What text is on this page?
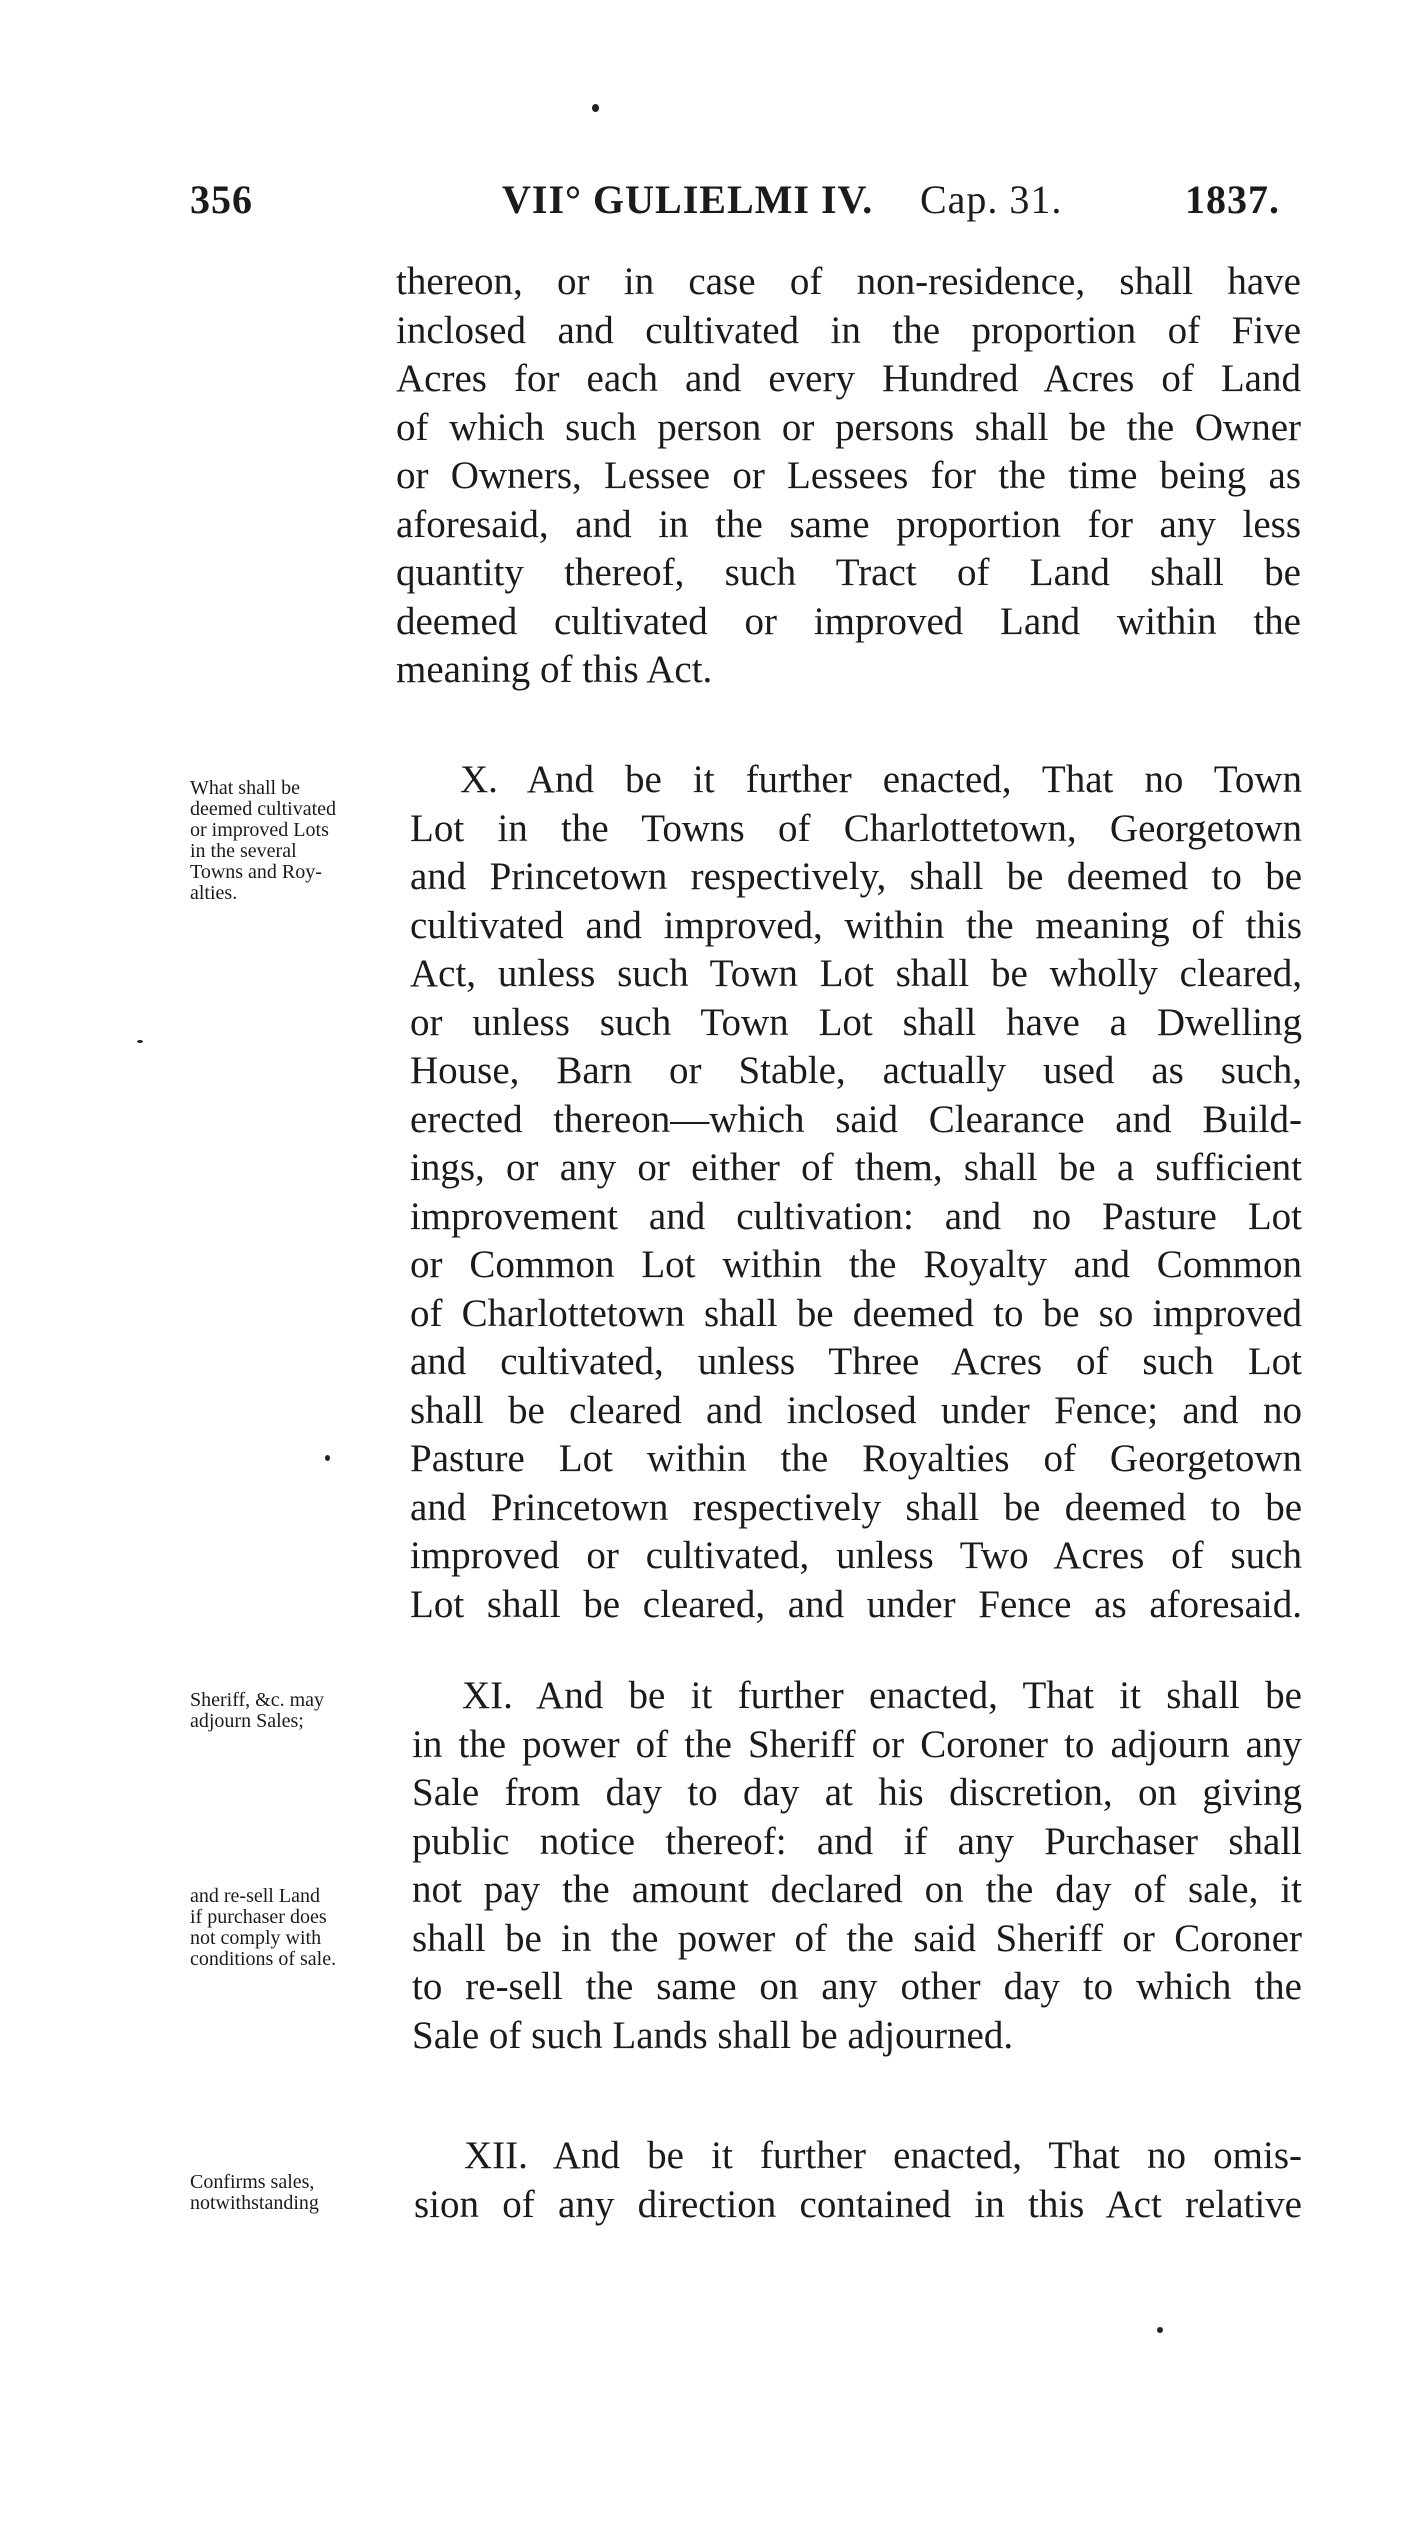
356	VII° GULIELMI IV. Cap. 31.	1837.
thereon, or in case of non-residence, shall have
inclosed and cultivated in the proportion of Five
Acres for each and every Hundred Acres of Land
of which such person or persons shall be the Owner
or Owners, Lessee or Lessees for the time being as
aforesaid, and in the same proportion for any less
quantity thereof, such Tract of Land shall be
deemed cultivated or improved Land within the
meaning of this Act.
What shall be
deemed cultivated
or improved Lots
in the several
Towns and Roy-
alties.
X. And be it further enacted, That no Town
Lot in the Towns of Charlottetown, Georgetown
and Princetown respectively, shall be deemed to be
cultivated and improved, within the meaning of this
Act, unless such Town Lot shall be wholly cleared,
or unless such Town Lot shall have a Dwelling
House, Barn or Stable, actually used as such,
erected thereon—which said Clearance and Build-
ings, or any or either of them, shall be a sufficient
improvement and cultivation: and no Pasture Lot
or Common Lot within the Royalty and Common
of Charlottetown shall be deemed to be so improved
and cultivated, unless Three Acres of such Lot
shall be cleared and inclosed under Fence; and no
Pasture Lot within the Royalties of Georgetown
and Princetown respectively shall be deemed to be
improved or cultivated, unless Two Acres of such
Lot shall be cleared, and under Fence as aforesaid.
Sheriff, &c. may
adjourn Sales;
and re-sell Land
if purchaser does
not comply with
conditions of sale.
XI. And be it further enacted, That it shall be
in the power of the Sheriff or Coroner to adjourn any
Sale from day to day at his discretion, on giving
public notice thereof: and if any Purchaser shall
not pay the amount declared on the day of sale, it
shall be in the power of the said Sheriff or Coroner
to re-sell the same on any other day to which the
Sale of such Lands shall be adjourned.
Confirms sales,
notwithstanding
XII. And be it further enacted, That no omis-
sion of any direction contained in this Act relative
